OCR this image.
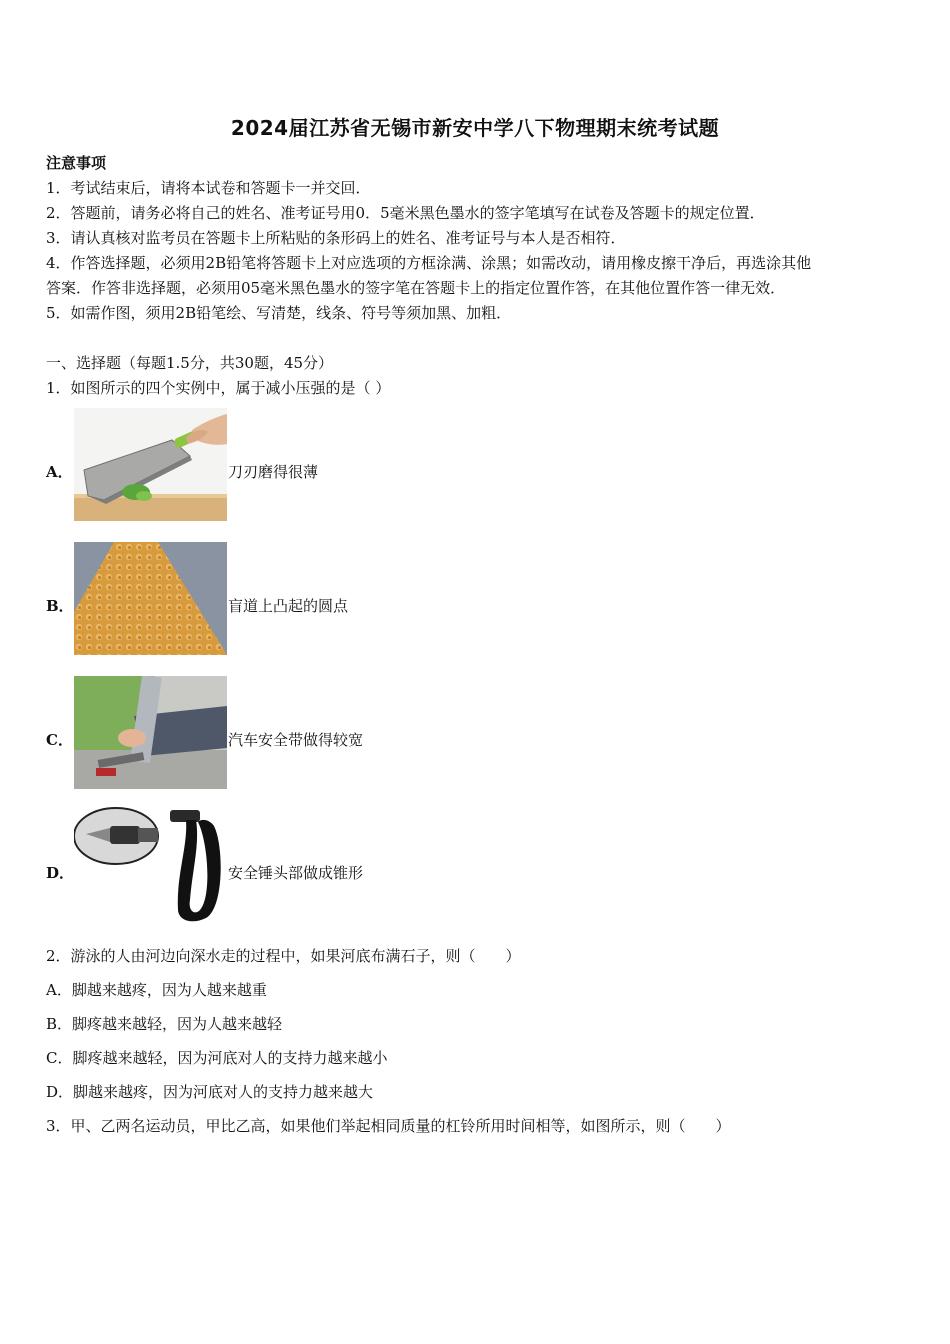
2024届江苏省无锡市新安中学八下物理期末统考试题
注意事项
1．考试结束后，请将本试卷和答题卡一并交回．
2．答题前，请务必将自己的姓名、准考证号用0．5毫米黑色墨水的签字笔填写在试卷及答题卡的规定位置．
3．请认真核对监考员在答题卡上所粘贴的条形码上的姓名、准考证号与本人是否相符．
4．作答选择题，必须用2B铅笔将答题卡上对应选项的方框涂满、涂黑；如需改动，请用橡皮擦干净后，再选涂其他
答案．作答非选择题，必须用05毫米黑色墨水的签字笔在答题卡上的指定位置作答，在其他位置作答一律无效．
5．如需作图，须用2B铅笔绘、写清楚，线条、符号等须加黑、加粗．
一、选择题（每题1.5分，共30题，45分）
1．如图所示的四个实例中，属于减小压强的是（ ）
A．	刀刃磨得很薄
B．	盲道上凸起的圆点
C．	汽车安全带做得较宽
D．	安全锤头部做成锥形
2．游泳的人由河边向深水走的过程中，如果河底布满石子，则（　　）
A．脚越来越疼，因为人越来越重
B．脚疼越来越轻，因为人越来越轻
C．脚疼越来越轻，因为河底对人的支持力越来越小
D．脚越来越疼，因为河底对人的支持力越来越大
3．甲、乙两名运动员，甲比乙高，如果他们举起相同质量的杠铃所用时间相等，如图所示，则（　　）
